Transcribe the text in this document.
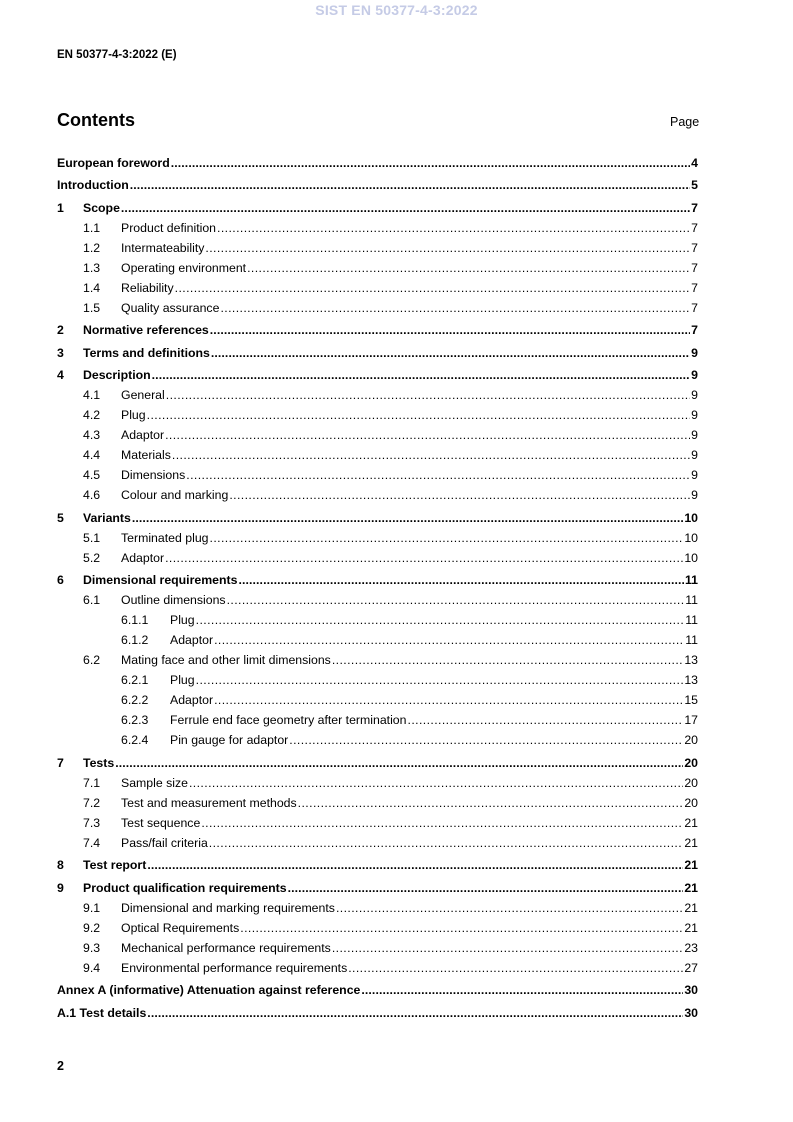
SIST EN 50377-4-3:2022
EN 50377-4-3:2022 (E)
Contents	Page
European foreword .....	4
Introduction .....	5
1	Scope .....	7
1.1	Product definition .....	7
1.2	Intermateability .....	7
1.3	Operating environment .....	7
1.4	Reliability .....	7
1.5	Quality assurance .....	7
2	Normative references .....	7
3	Terms and definitions .....	9
4	Description .....	9
4.1	General .....	9
4.2	Plug .....	9
4.3	Adaptor .....	9
4.4	Materials .....	9
4.5	Dimensions .....	9
4.6	Colour and marking .....	9
5	Variants .....	10
5.1	Terminated plug .....	10
5.2	Adaptor .....	10
6	Dimensional requirements .....	11
6.1	Outline dimensions .....	11
6.1.1	Plug .....	11
6.1.2	Adaptor .....	11
6.2	Mating face and other limit dimensions .....	13
6.2.1	Plug .....	13
6.2.2	Adaptor .....	15
6.2.3	Ferrule end face geometry after termination .....	17
6.2.4	Pin gauge for adaptor .....	20
7	Tests .....	20
7.1	Sample size .....	20
7.2	Test and measurement methods .....	20
7.3	Test sequence .....	21
7.4	Pass/fail criteria .....	21
8	Test report .....	21
9	Product qualification requirements .....	21
9.1	Dimensional and marking requirements .....	21
9.2	Optical Requirements .....	21
9.3	Mechanical performance requirements .....	23
9.4	Environmental performance requirements .....	27
Annex A (informative) Attenuation against reference .....	30
A.1 Test details .....	30
2
